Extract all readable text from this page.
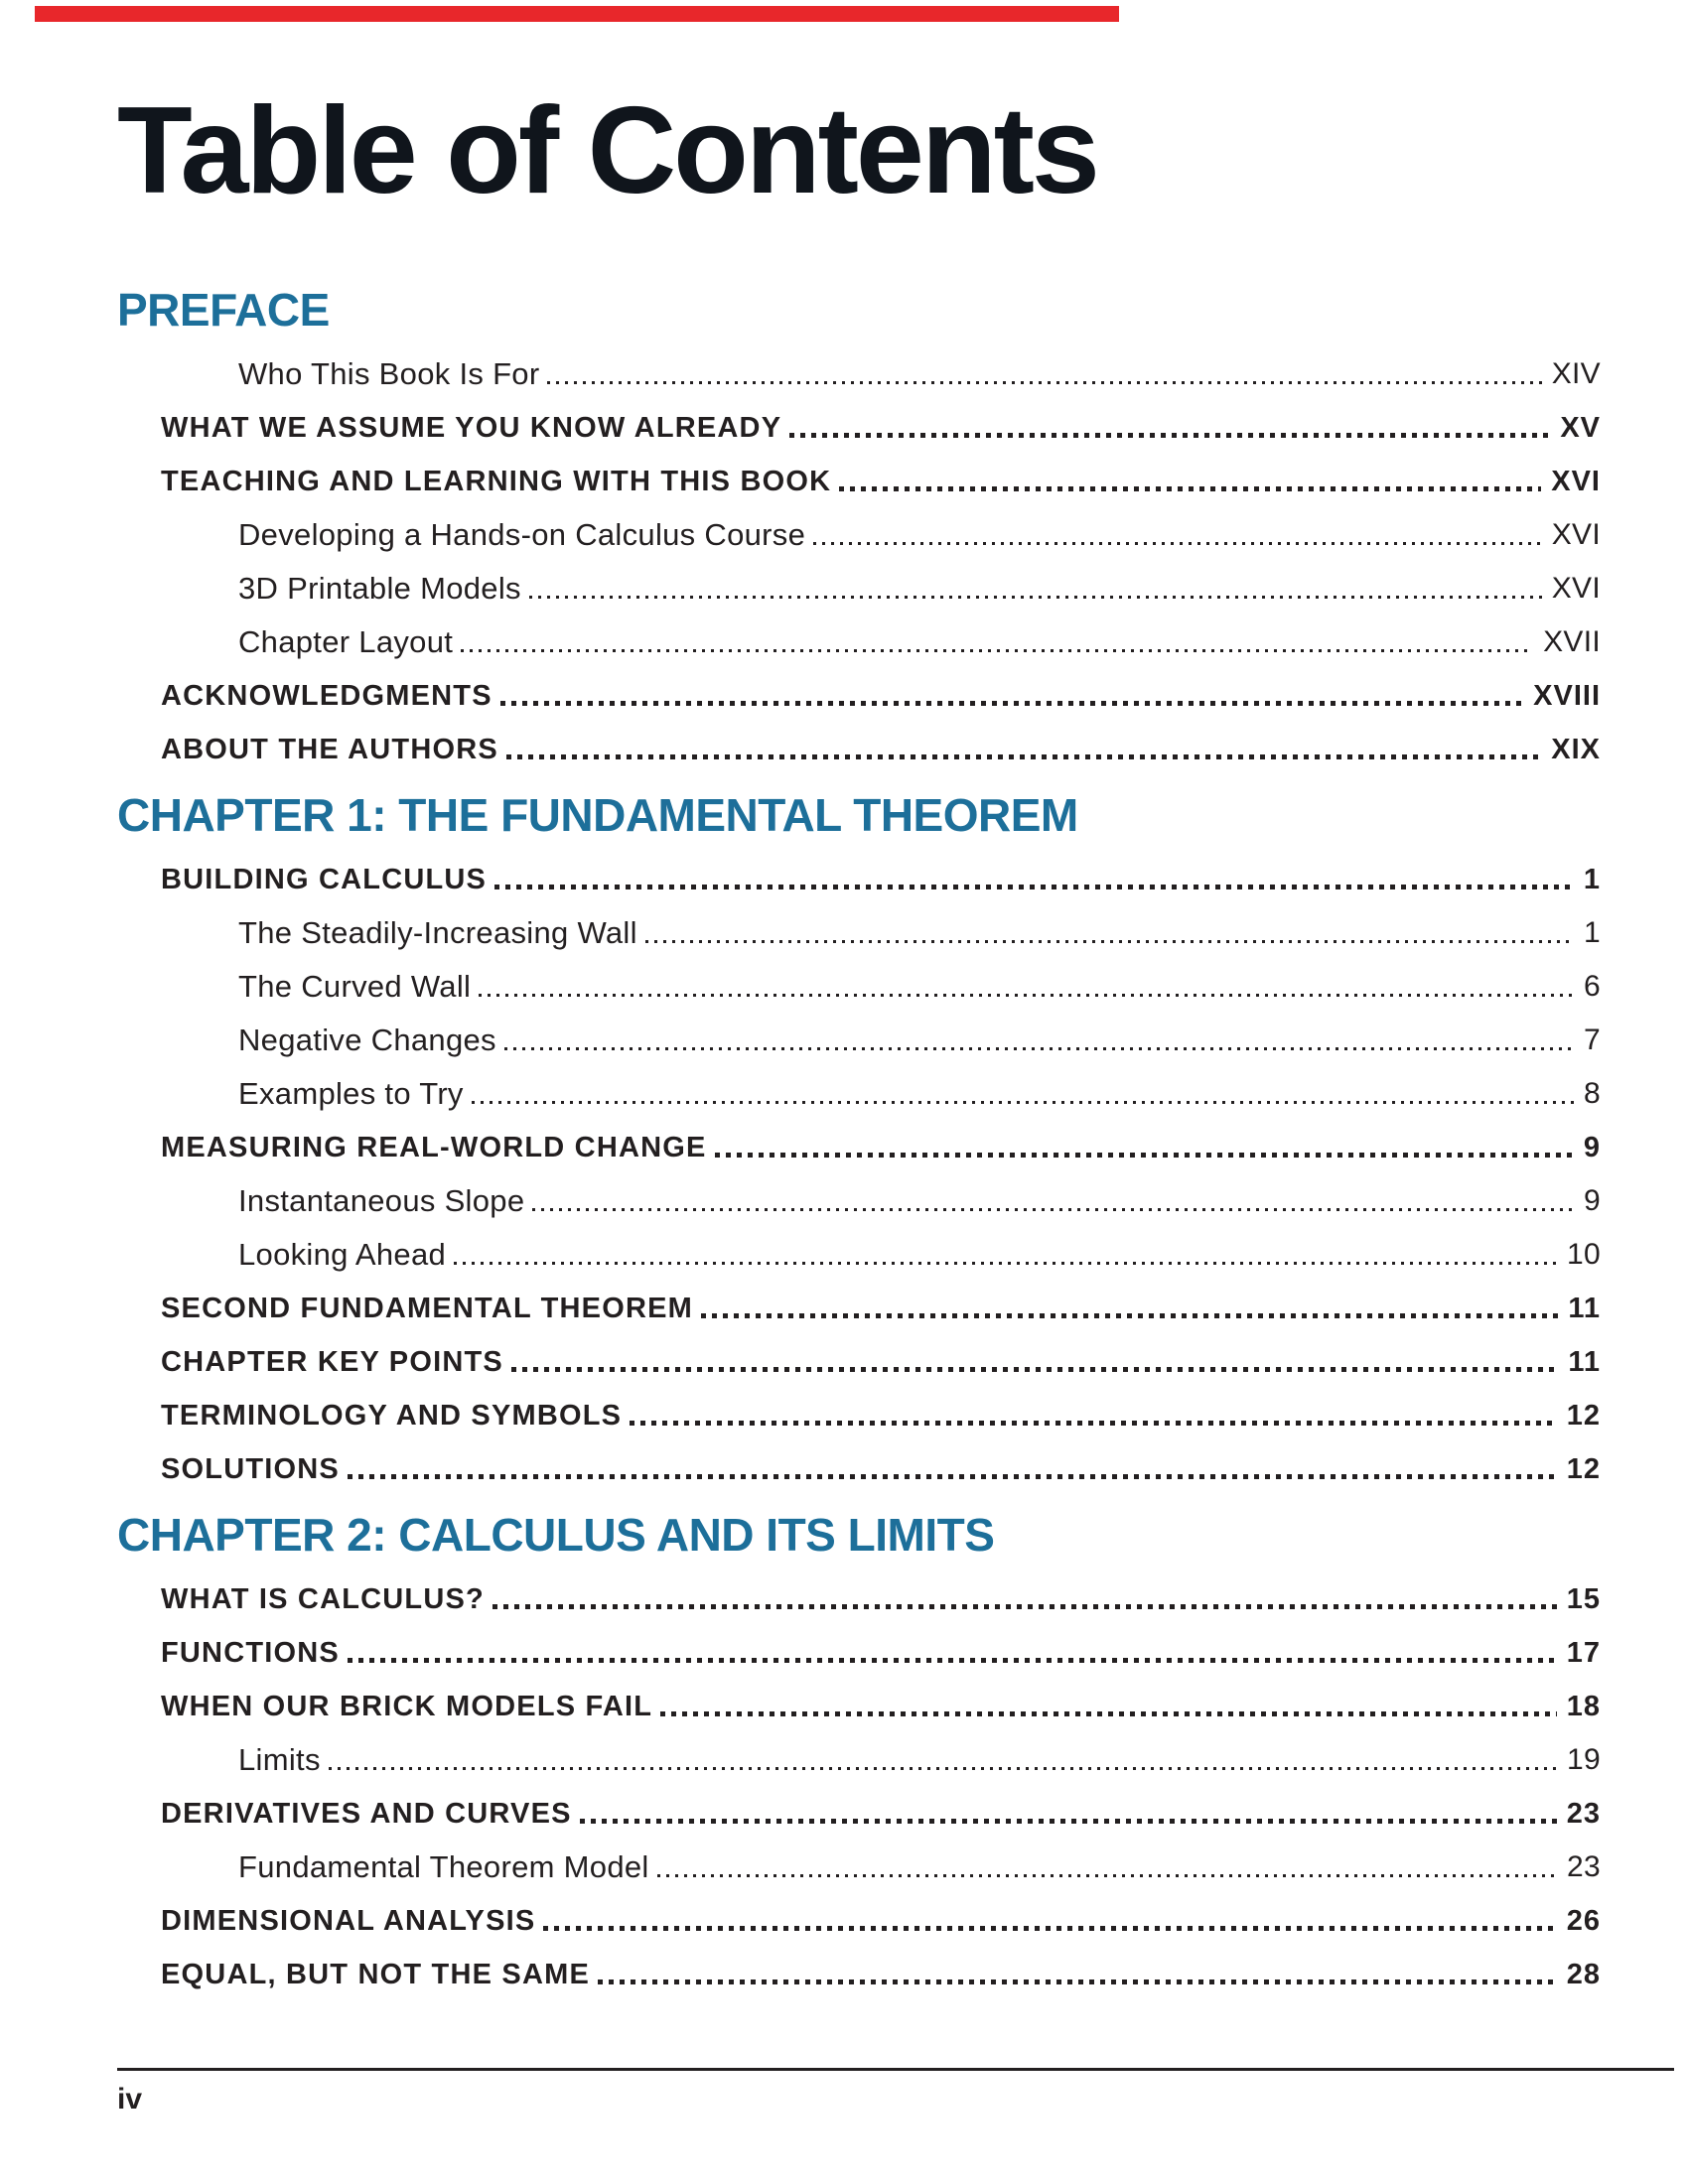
Table of Contents
PREFACE
Who This Book Is For	XIV
WHAT WE ASSUME YOU KNOW ALREADY	XV
TEACHING AND LEARNING WITH THIS BOOK	XVI
Developing a Hands-on Calculus Course	XVI
3D Printable Models	XVI
Chapter Layout	XVII
ACKNOWLEDGMENTS	XVIII
ABOUT THE AUTHORS	XIX
CHAPTER 1: THE FUNDAMENTAL THEOREM
BUILDING CALCULUS	1
The Steadily-Increasing Wall	1
The Curved Wall	6
Negative Changes	7
Examples to Try	8
MEASURING REAL-WORLD CHANGE	9
Instantaneous Slope	9
Looking Ahead	10
SECOND FUNDAMENTAL THEOREM	11
CHAPTER KEY POINTS	11
TERMINOLOGY AND SYMBOLS	12
SOLUTIONS	12
CHAPTER 2: CALCULUS AND ITS LIMITS
WHAT IS CALCULUS?	15
FUNCTIONS	17
WHEN OUR BRICK MODELS FAIL	18
Limits	19
DERIVATIVES AND CURVES	23
Fundamental Theorem Model	23
DIMENSIONAL ANALYSIS	26
EQUAL, BUT NOT THE SAME	28
iv
